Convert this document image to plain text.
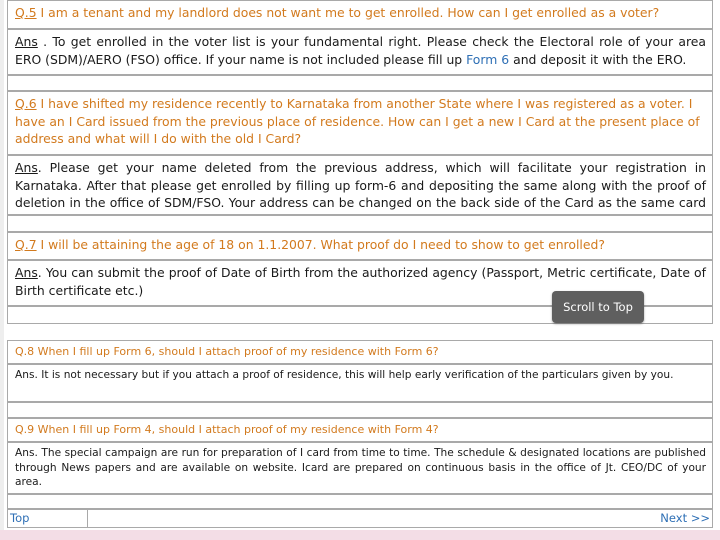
Q.5 I am a tenant and my landlord does not want me to get enrolled. How can I get enrolled as a voter?
Ans . To get enrolled in the voter list is your fundamental right. Please check the Electoral role of your area ERO (SDM)/AERO (FSO) office. If your name is not included please fill up Form 6 and deposit it with the ERO.
Q.6 I have shifted my residence recently to Karnataka from another State where I was registered as a voter. I have an I Card issued from the previous place of residence. How can I get a new I Card at the present place of address and what will I do with the old I Card?
Ans. Please get your name deleted from the previous address, which will facilitate your registration in Karnataka. After that please get enrolled by filling up form-6 and depositing the same along with the proof of deletion in the office of SDM/FSO. Your address can be changed on the back side of the Card as the same card
Q.7 I will be attaining the age of 18 on 1.1.2007. What proof do I need to show to get enrolled?
Ans. You can submit the proof of Date of Birth from the authorized agency (Passport, Metric certificate, Date of Birth certificate etc.)
Q.8 When I fill up Form 6, should I attach proof of my residence with Form 6?
Ans. It is not necessary but if you attach a proof of residence, this will help early verification of the particulars given by you.
Q.9 When I fill up Form 4, should I attach proof of my residence with Form 4?
Ans. The special campaign are run for preparation of I card from time to time. The schedule & designated locations are published through News papers and are available on website. Icard are prepared on continuous basis in the office of Jt. CEO/DC of your area.
Top	Next >>
Scroll to Top
